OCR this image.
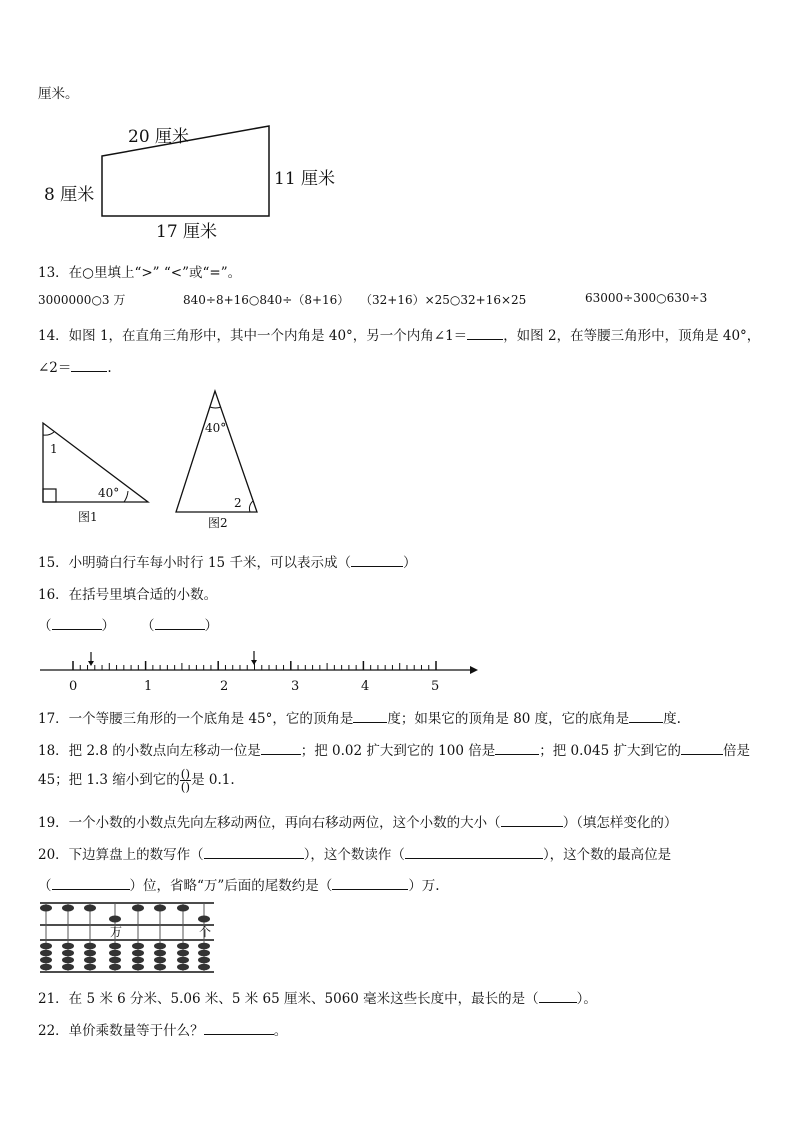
厘米。
20 厘米
8 厘米
11 厘米
17 厘米
13．在○里填上“>” “<”或“=”。
3000000○3 万	840÷8+16○840÷（8+16） （32+16）×25○32+16×25	63000÷300○630÷3
14．如图 1，在直角三角形中，其中一个内角是 40°，另一个内角∠1＝	，如图 2，在等腰三角形中，顶角是 40°，
∠2＝	.
1
40°
图1
40°
2
图2
15．小明骑白行车每小时行 15 千米，可以表示成（	）
16．在括号里填合适的小数。
（	） （	）
0	1	2	3	4	5
17．一个等腰三角形的一个底角是 45°，它的顶角是	度；如果它的顶角是 80 度，它的底角是	度.
18．把 2.8 的小数点向左移动一位是	；把 0.02 扩大到它的 100 倍是	；把 0.045 扩大到它的	倍是
45；把 1.3 缩小到它的 $\frac{()}{()}$ 是 0.1.
19．一个小数的小数点先向左移动两位，再向右移动两位，这个小数的大小（	）（填怎样变化的）
20．下边算盘上的数写作（	），这个数读作（	），这个数的最高位是
（	）位，省略“万”后面的尾数约是（	）万.
万	个
21．在 5 米 6 分米、5.06 米、5 米 65 厘米、5060 毫米这些长度中，最长的是（	）。
22．单价乘数量等于什么？	。
